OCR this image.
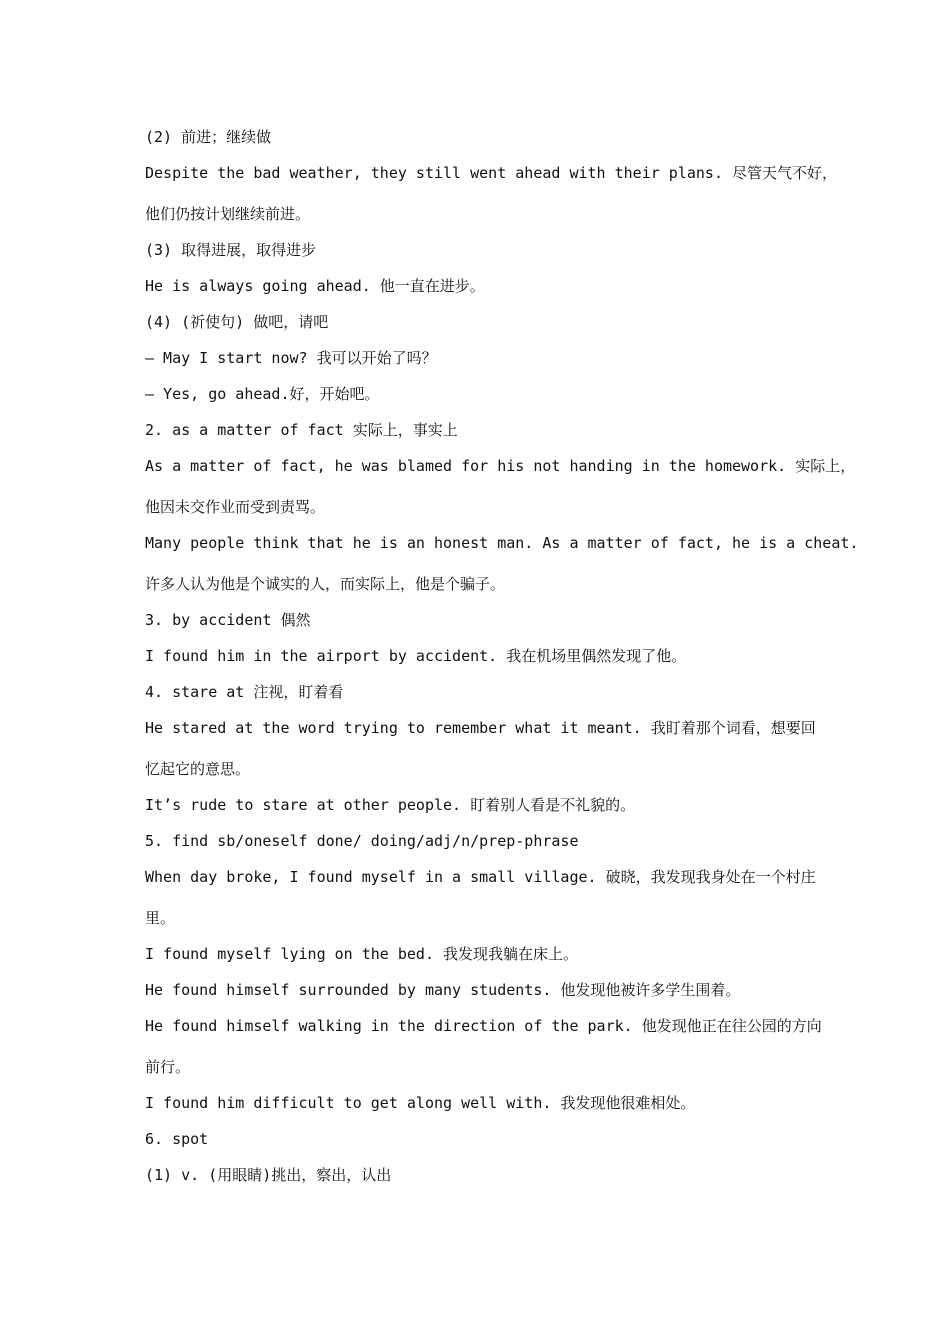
(2) 前进；继续做
Despite the bad weather, they still went ahead with their plans. 尽管天气不好，
他们仍按计划继续前进。
(3) 取得进展，取得进步
He is always going ahead. 他一直在进步。
(4) (祈使句) 做吧，请吧
— May I start now? 我可以开始了吗？
— Yes, go ahead.好，开始吧。
2. as a matter of fact 实际上，事实上
As a matter of fact, he was blamed for his not handing in the homework. 实际上，
他因未交作业而受到责骂。
Many people think that he is an honest man. As a matter of fact, he is a cheat.
许多人认为他是个诚实的人，而实际上，他是个骗子。
3. by accident 偶然
I found him in the airport by accident. 我在机场里偶然发现了他。
4. stare at 注视，盯着看
He stared at the word trying to remember what it meant. 我盯着那个词看，想要回
忆起它的意思。
It’s rude to stare at other people. 盯着别人看是不礼貌的。
5. find sb/oneself done/ doing/adj/n/prep-phrase
When day broke, I found myself in a small village. 破晓，我发现我身处在一个村庄
里。
I found myself lying on the bed. 我发现我躺在床上。
He found himself surrounded by many students. 他发现他被许多学生围着。
He found himself walking in the direction of the park. 他发现他正在往公园的方向
前行。
I found him difficult to get along well with. 我发现他很难相处。
6. spot
(1) v. (用眼睛)挑出，察出，认出
